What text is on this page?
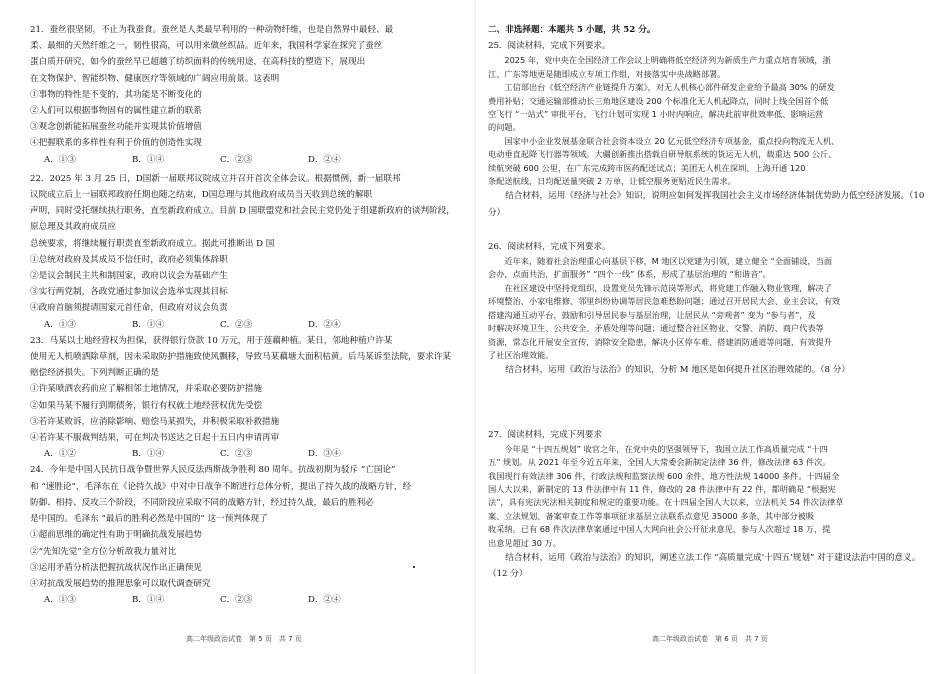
21．蚕丝很坚韧，不止为我蚕食。蚕丝是人类最早利用的一种动物纤维，也是自然界中最轻、最

柔、最细的天然纤维之一，韧性很高，可以用来做丝织品。近年来，我国科学家在探究了蚕丝

蛋白质开研究，如今的蚕丝早已超越了纺织面料的传统用途，在高科技的塑造下，展现出

在文物保护、智能织物、健康医疗等领域的广阔应用前景。这表明

①事物的特性是不变的，其功能是不断变化的

②人们可以根据事物固有的属性建立新的联系

③观念创新能拓展蚕丝功能并实现其价值增值

④把握联系的多样性有利于价值的创造性实现

A．①③	B．①④	C．②③	D．②④

22．2025 年 3 月 25 日，D国新一届联邦议院成立并召开首次全体会议。根据惯例，新一届联邦

议院成立后上一届联邦政府任期也随之结束，D国总理与其他政府成员当天收到总统的解职

声明，同时受托继续执行职务，直至新政府成立。目前 D 国联盟党和社会民主党仍处于组建新政府的谈判阶段，原总理及其政府成员应

总统要求，将继续履行职责直至新政府成立。据此可推断出 D 国

①总统对政府及其成员不信任时，政府必须集体辞职

②是议会制民主共和制国家，政府以议会为基础产生

③实行两党制，各政党通过参加议会选举实现其目标

④政府首脑须提请国家元首任命，但政府对议会负责

A．①③	B．①④	C．②③	D．②④

23．马某以土地经营权为担保，获得银行贷款 10 万元，用于莲藕种植。某日，邻地种植户许某

使用无人机喷洒除草剂，因未采取防护措施致使风飘移，导致马某藕塘大面积枯黄。后马某诉至法院，要求许某

赔偿经济损失。下列判断正确的是

①许某喷洒农药前应了解相邻土地情况，并采取必要防护措施

②如果马某不履行到期债务，银行有权就土地经营权优先受偿

③若许某败诉，应消除影响、赔偿马某损失，并积极采取补救措施

④若许某不服裁判结果，可在判决书送达之日起十五日内申请再审

A．①②	B．①④	C．②③	D．③④

24．今年是中国人民抗日战争暨世界人民反法西斯战争胜利 80 周年。抗战初期为驳斥 “亡国论”

和 “速胜论”，毛泽东在《论持久战》中对中日战争不断进行总体分析，提出了持久战的战略方针，经

防御、相持、反攻三个阶段，不同阶段应采取不同的战略方针，经过持久战，最后的胜利必

是中国的。毛泽东 “最后的胜利必然是中国的” 这一预判体现了

①超前思维的确定性有助于明确抗战发展趋势

②“先知先觉”全方位分析敌我力量对比

③运用矛盾分析法把握抗战状况作出正确预见

④对抗战发展趋势的推理思象可以取代调查研究

A．①③	B．①④	C．②③	D．②④
高二年级政治试卷　第 5 页　共 7 页

二、非选择题：本题共 5 小题，共 52 分。

25．阅读材料，完成下列要求。

2025 年，党中央在全国经济工作会议上明确将低空经济列为新质生产力重点培育领域，浙

江、广东等地更是随即成立专项工作组，对接落实中央战略部署。

工信部出台《低空经济产业链提升方案》，对无人机核心部件研发企业给予最高 30% 的研发

费用补贴；交通运输部推动长三角地区建设 200 个标准化无人机起降点，同时上线全国首个低

空飞行 “一站式” 审批平台，飞行计划可实现 1 小时内响应，解决此前审批效率低、影响运营

的问题。

国家中小企业发展基金联合社会资本设立 20 亿元低空经济专项基金，重点投向物流无人机、

电动垂直起降飞行器等领域。大疆创新推出搭载自研导航系统的货运无人机，载重达 500 公斤、

续航突破 600 公里，在广东完成跨市医药配送试点；美团无人机在深圳、上海开通 120

条配送航线，日均配送量突破 2 万单，让低空服务更贴近民生需求。

结合材料，运用《经济与社会》知识，说明应如何发挥我国社会主义市场经济体制优势助力低空经济发展。（10 分）

26．阅读材料，完成下列要求。

近年来，随着社会治理重心向基层下移，M 地区以党建为引领，建立健全 “全面铺设，当面

会办，点面共治，扩面服务” “四个一线” 体系，形成了基层治理的 “和谐音”。

在社区建设中坚持党组织，设置党员先锋示范岗等形式，将党建工作融入物业管理，解决了

环境整治、小家电维修、邻里纠纷协调等居民急难愁盼问题；通过召开居民大会、业主会议，有效

搭建沟通互动平台，鼓励和引导居民参与基层治理，让居民从 “旁观者” 变为 “参与者”，及

时解决环境卫生、公共安全、矛盾处理等问题；通过整合社区物业、交警、消防、商户代表等

资源，常态化开展安全宣传，消除安全隐患，解决小区停车难、搭建消防通道等问题，有效提升

了社区治理效能。

结合材料，运用《政治与法治》的知识，分析 M 地区是如何提升社区治理效能的。（8 分）

27．阅读材料，完成下列要求

今年是 “十四五规划” 收官之年，在党中央的坚强领导下，我国立法工作高质量完成 “十四

五” 规划。从 2021 年至今近五年来，全国人大常委会新制定法律 36 件，修改法律 63 件次。

我国现行有效法律 306 件，行政法规和监察法规 600 余件，地方性法规 14000 多件。十四届全

国人大以来，新制定的 13 件法律中有 11 件，修改的 28 件法律中有 22 件，都明确是 “根据宪

法”，具有宪法宪法相关制度和规定的重要功能。在十四届全国人大以来，立法机关 54 件次法律草

案、立法规划、备案审查工作等事项征求基层立法联系点意见 35000 多条，其中部分被吸

收采纳。已有 68 件次法律草案通过中国人大网向社会公开征求意见，参与人次超过 18 万，提

出意见超过 30 万。

结合材料，运用《政治与法治》的知识，阐述立法工作 “高质量完成‘十四五’规划” 对于建设法治中国的意义。（12 分）

高二年级政治试卷　第 6 页　共 7 页
